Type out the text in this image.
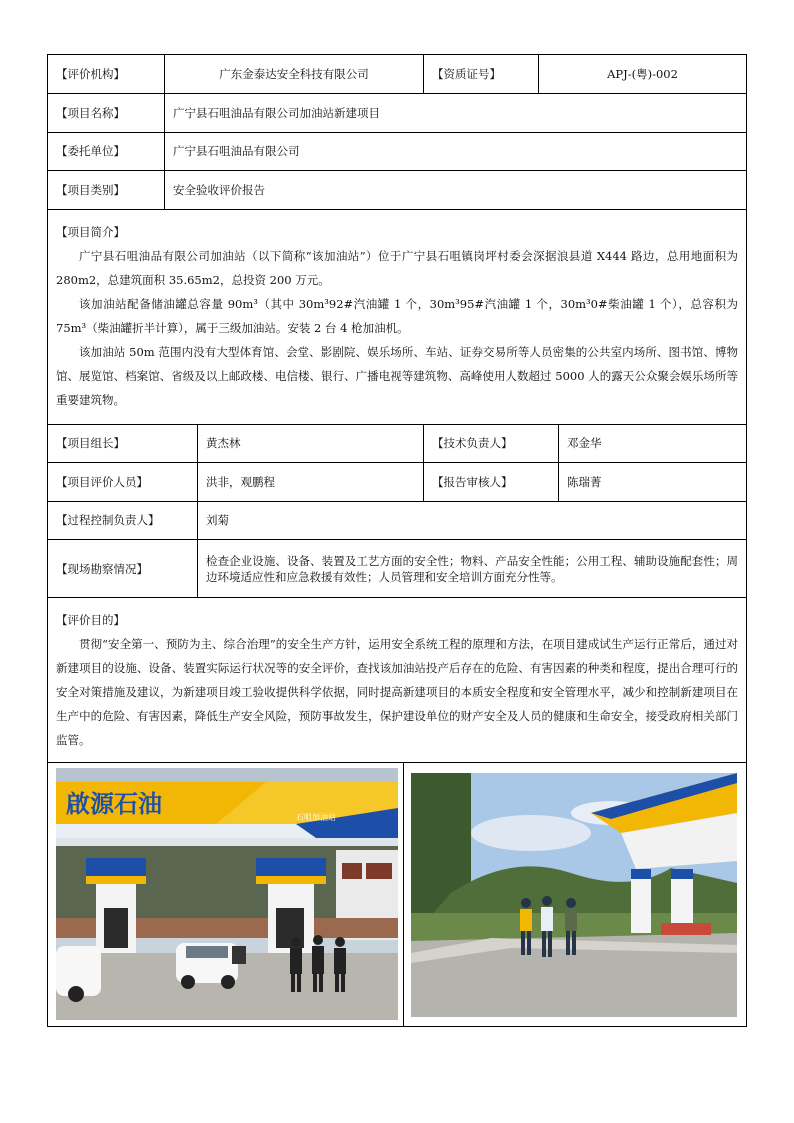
【评价机构】	广东金泰达安全科技有限公司		【资质证号】	APJ-(粤)-002	
【项目名称】	广宁县石咀油品有限公司加油站新建项目				
【委托单位】	广宁县石咀油品有限公司				
【项目类别】	安全验收评价报告				

【项目简介】

广宁县石咀油品有限公司加油站（以下简称“该加油站”）位于广宁县石咀镇岗坪村委会深据浪县道 X444 路边，总用地面积为 280m2，总建筑面积 35.65m2，总投资 200 万元。

该加油站配备储油罐总容量 90m³（其中 30m³92#汽油罐 1 个，30m³95#汽油罐 1 个，30m³0#柴油罐 1 个），总容积为 75m³（柴油罐折半计算），属于三级加油站。安装 2 台 4 枪加油机。

该加油站 50m 范围内没有大型体育馆、会堂、影剧院、娱乐场所、车站、证券交易所等人员密集的公共室内场所、图书馆、博物馆、展览馆、档案馆、省级及以上邮政楼、电信楼、银行、广播电视等建筑物、高峰使用人数超过 5000 人的露天公众聚会娱乐场所等重要建筑物。					

【项目组长】		黄杰林	【技术负责人】		邓金华
【项目评价人员】		洪非，观鹏程	【报告审核人】		陈瑞菁
【过程控制负责人】		刘菊			
【现场勘察情况】		检查企业设施、设备、装置及工艺方面的安全性；物料、产品安全性能；公用工程、辅助设施配套性；周边环境适应性和应急救援有效性；人员管理和安全培训方面充分性等。			

【评价目的】

贯彻“安全第一、预防为主、综合治理”的安全生产方针，运用安全系统工程的原理和方法，在项目建成试生产运行正常后，通过对新建项目的设施、设备、装置实际运行状况等的安全评价，查找该加油站投产后存在的危险、有害因素的种类和程度，提出合理可行的安全对策措施及建议，为新建项目竣工验收提供科学依据，同时提高新建项目的本质安全程度和安全管理水平，减少和控制新建项目在生产中的危险、有害因素，降低生产安全风险，预防事故发生，保护建设单位的财产安全及人员的健康和生命安全，接受政府相关部门监管。					

啟源石油 石咀加油站					
